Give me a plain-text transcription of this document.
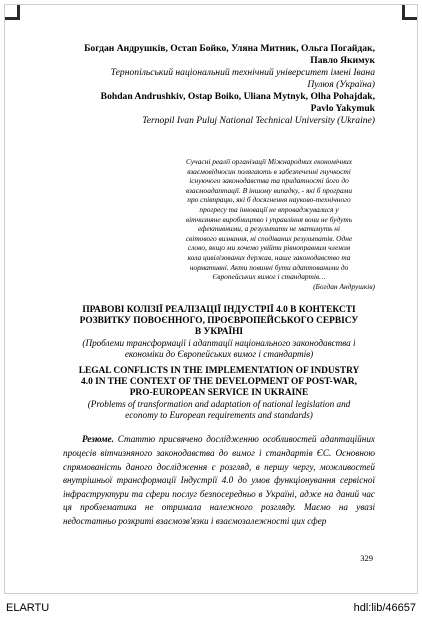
Богдан Андрушків, Остап Бойко, Уляна Митник, Ольга Погайдак,
Павло Якимук
Тернопільський національний технічний університет імені Івана
Пулюя (Україна)
Bohdan Andrushkiv, Ostap Boiko, Uliana Mytnyk, Olha Pohajdak,
Pavlo Yakymuk
Ternopil Ivan Puluj National Technical University (Ukraine)
Сучасні реалії організації Міжнародних економічних
взаємовідносин полягають в забезпеченні гнучкості
існуючого законодавства та придатності його до
взаємоадаптації. В іншому випадку, - які б програми
про співпрацю, які б досягнення науково-технічного
прогресу та інновації не впроваджувалися у
вітчизняне виробництво і управління вони не будуть
ефективними, а результати не матимуть ні
світового визнання, ні сподіваних результатів. Одне
слово, якщо ми хочемо увійти рівноправним членом
кола цивілізованих держав, наше законодавство та
нормативні. Акти повинні бути адаптованими до
Європейських вимог і стандартів…
(Богдан Андрушків)
ПРАВОВІ КОЛІЗІЇ РЕАЛІЗАЦІЇ ІНДУСТРІЇ 4.0 В КОНТЕКСТІ
РОЗВИТКУ ПОВОЄННОГО, ПРОЄВРОПЕЙСЬКОГО СЕРВІСУ
В УКРАЇНІ
(Проблеми трансформації і адаптації національного законодавства і
економіки до Європейських вимог і стандартів)
LEGAL CONFLICTS IN THE IMPLEMENTATION OF INDUSTRY
4.0 IN THE CONTEXT OF THE DEVELOPMENT OF POST-WAR,
PRO-EUROPEAN SERVICE IN UKRAINE
(Problems of transformation and adaptation of national legislation and
economy to European requirements and standards)
Резюме. Статтю присвячено дослідженню особливостей адаптаційних процесів вітчизняного законодавства до вимог і стандартів ЄС. Основною спрямованість даного дослідження є розгляд, в першу чергу, можливостей внутрішньої трансформації Індустрії 4.0 до умов функціонування сервісної інфраструктури та сфери послуг безпосередньо в Україні, адже на даний час ця проблематика не отримала належного розгляду. Маємо на увазі недостатньо розкриті взаємозв'язки і взаємозалежності цих сфер
329
ELARTU	hdl:lib/46657
